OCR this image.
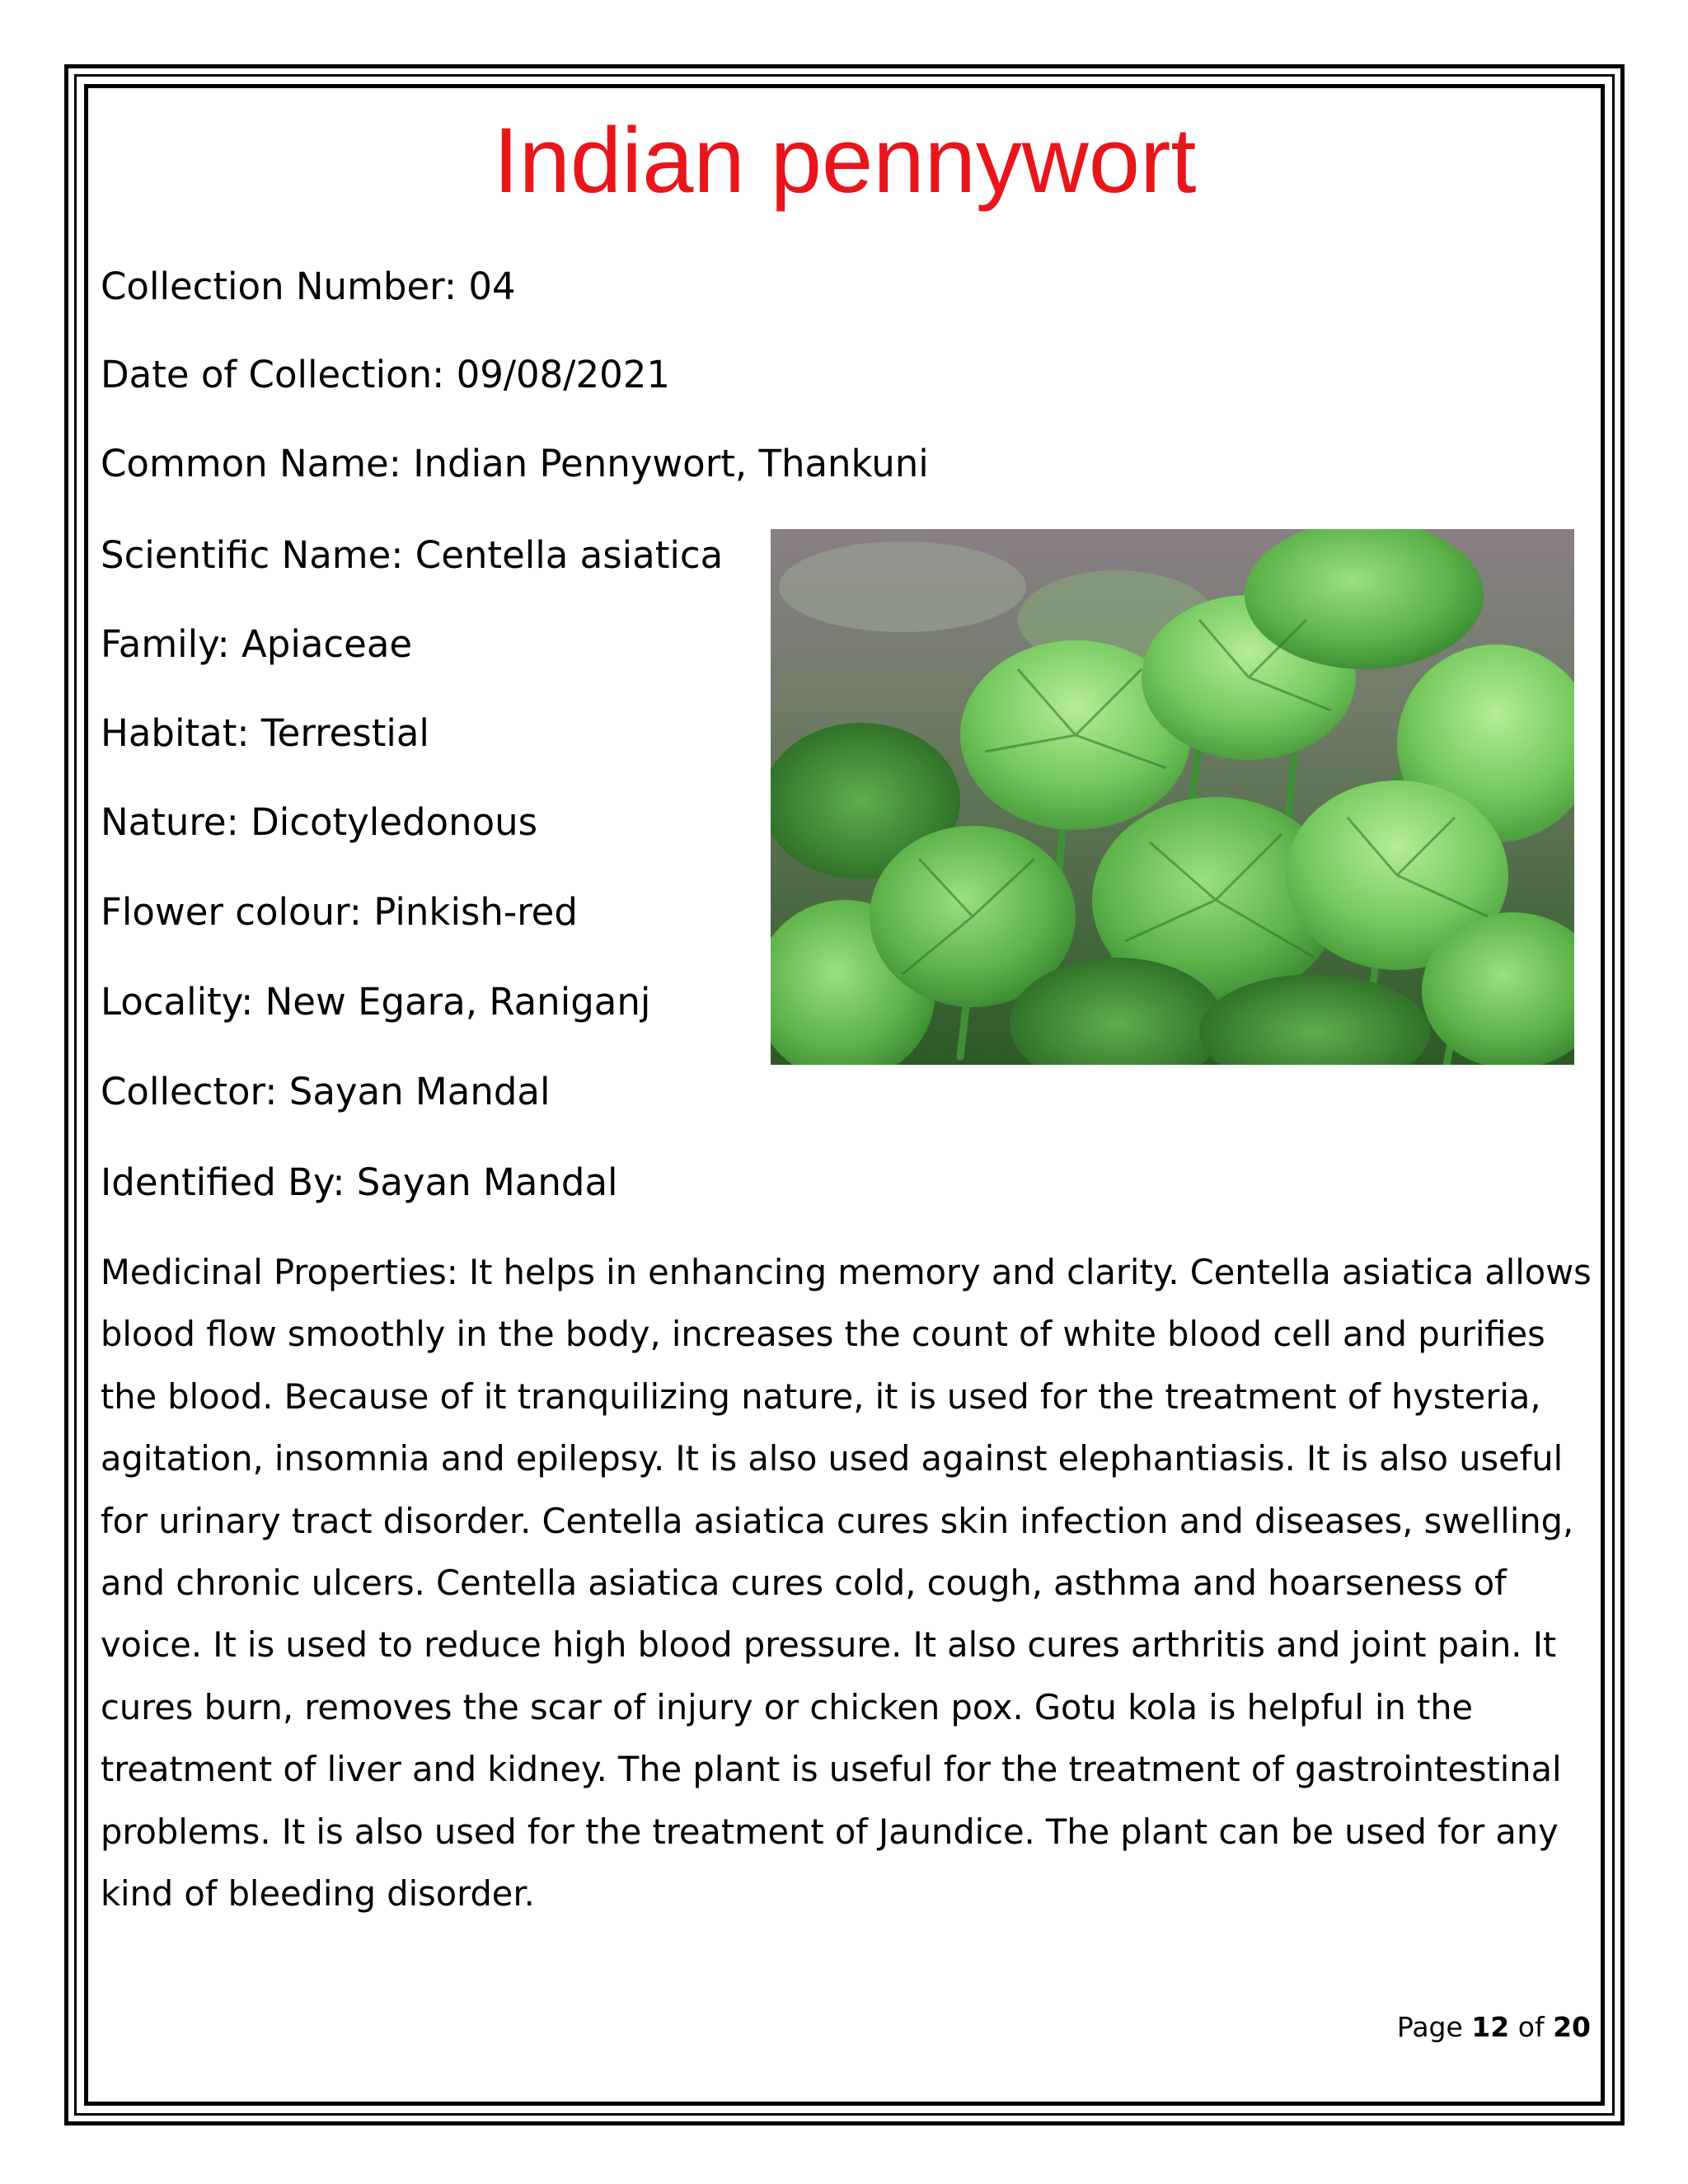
Indian pennywort

Collection Number: 04

Date of Collection: 09/08/2021

Common Name: Indian Pennywort, Thankuni

Scientific Name: Centella asiatica

Family: Apiaceae

Habitat: Terrestial

Nature: Dicotyledonous

Flower colour: Pinkish-red

Locality: New Egara, Raniganj

Collector: Sayan Mandal

Identified By: Sayan Mandal

Medicinal Properties: It helps in enhancing memory and clarity. Centella asiatica allows blood flow smoothly in the body, increases the count of white blood cell and purifies the blood. Because of it tranquilizing nature, it is used for the treatment of hysteria, agitation, insomnia and epilepsy. It is also used against elephantiasis. It is also useful for urinary tract disorder. Centella asiatica cures skin infection and diseases, swelling, and chronic ulcers. Centella asiatica cures cold, cough, asthma and hoarseness of voice. It is used to reduce high blood pressure. It also cures arthritis and joint pain. It cures burn, removes the scar of injury or chicken pox. Gotu kola is helpful in the treatment of liver and kidney. The plant is useful for the treatment of gastrointestinal problems. It is also used for the treatment of Jaundice. The plant can be used for any kind of bleeding disorder.

Page 12 of 20
